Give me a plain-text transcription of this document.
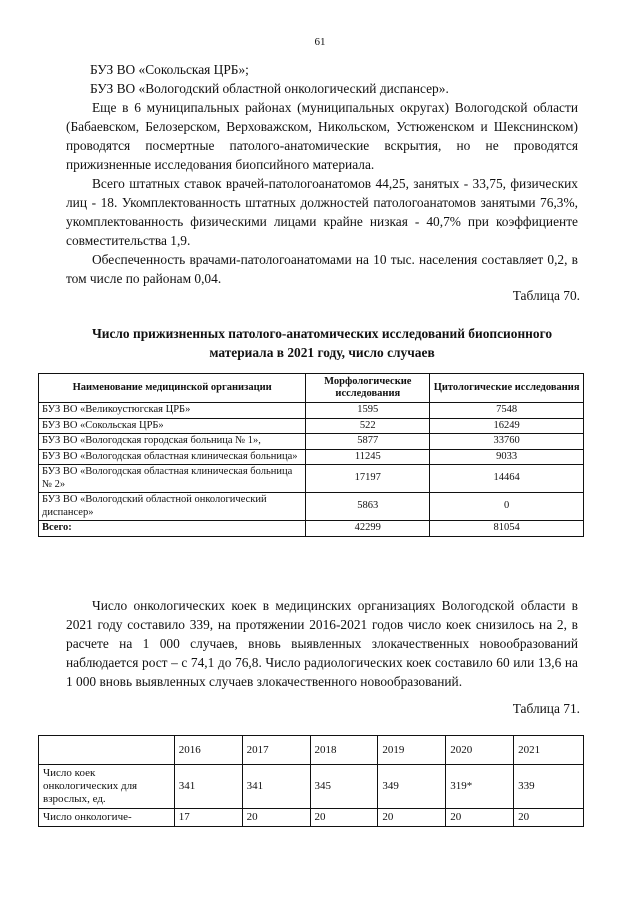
61

БУЗ ВО «Сокольская ЦРБ»;

БУЗ ВО «Вологодский областной онкологический диспансер».

Еще в 6 муниципальных районах (муниципальных округах) Вологодской области (Бабаевском, Белозерском, Верховажском, Никольском, Устюженском и Шекснинском) проводятся посмертные патолого-анатомические вскрытия, но не проводятся прижизненные исследования биопсийного материала.

Всего штатных ставок врачей-патологоанатомов 44,25, занятых - 33,75, физических лиц - 18. Укомплектованность штатных должностей патологоанатомов занятыми 76,3%, укомплектованность физическими лицами крайне низкая - 40,7% при коэффициенте совместительства 1,9.

Обеспеченность врачами-патологоанатомами на 10 тыс. населения составляет 0,2, в том числе по районам 0,04.

Таблица 70.
Число прижизненных патолого-анатомических исследований биопсионного материала в 2021 году, число случаев
Наименование медицинской организации	Морфологические исследования	Цитологические исследования
БУЗ ВО «Великоустюгская ЦРБ»	1595	7548
БУЗ ВО «Сокольская ЦРБ»	522	16249
БУЗ ВО «Вологодская городская больница № 1»,	5877	33760
БУЗ ВО «Вологодская областная клиническая больница»	11245	9033
БУЗ ВО «Вологодская областная клиническая больница № 2»	17197	14464
БУЗ ВО «Вологодский областной онкологический диспансер»	5863	0
Всего:	42299	81054

Число онкологических коек в медицинских организациях Вологодской области в 2021 году составило 339, на протяжении 2016-2021 годов число коек снизилось на 2, в расчете на 1 000 случаев, вновь выявленных злокачественных новообразований наблюдается рост – с 74,1 до 76,8. Число радиологических коек составило 60 или 13,6 на 1 000 вновь выявленных случаев злокачественного новообразований.

Таблица 71.
	2016	2017	2018	2019	2020	2021
Число коек онкологических для взрослых, ед.	341	341	345	349	319*	339
Число онкологиче-	17	20	20	20	20	20
